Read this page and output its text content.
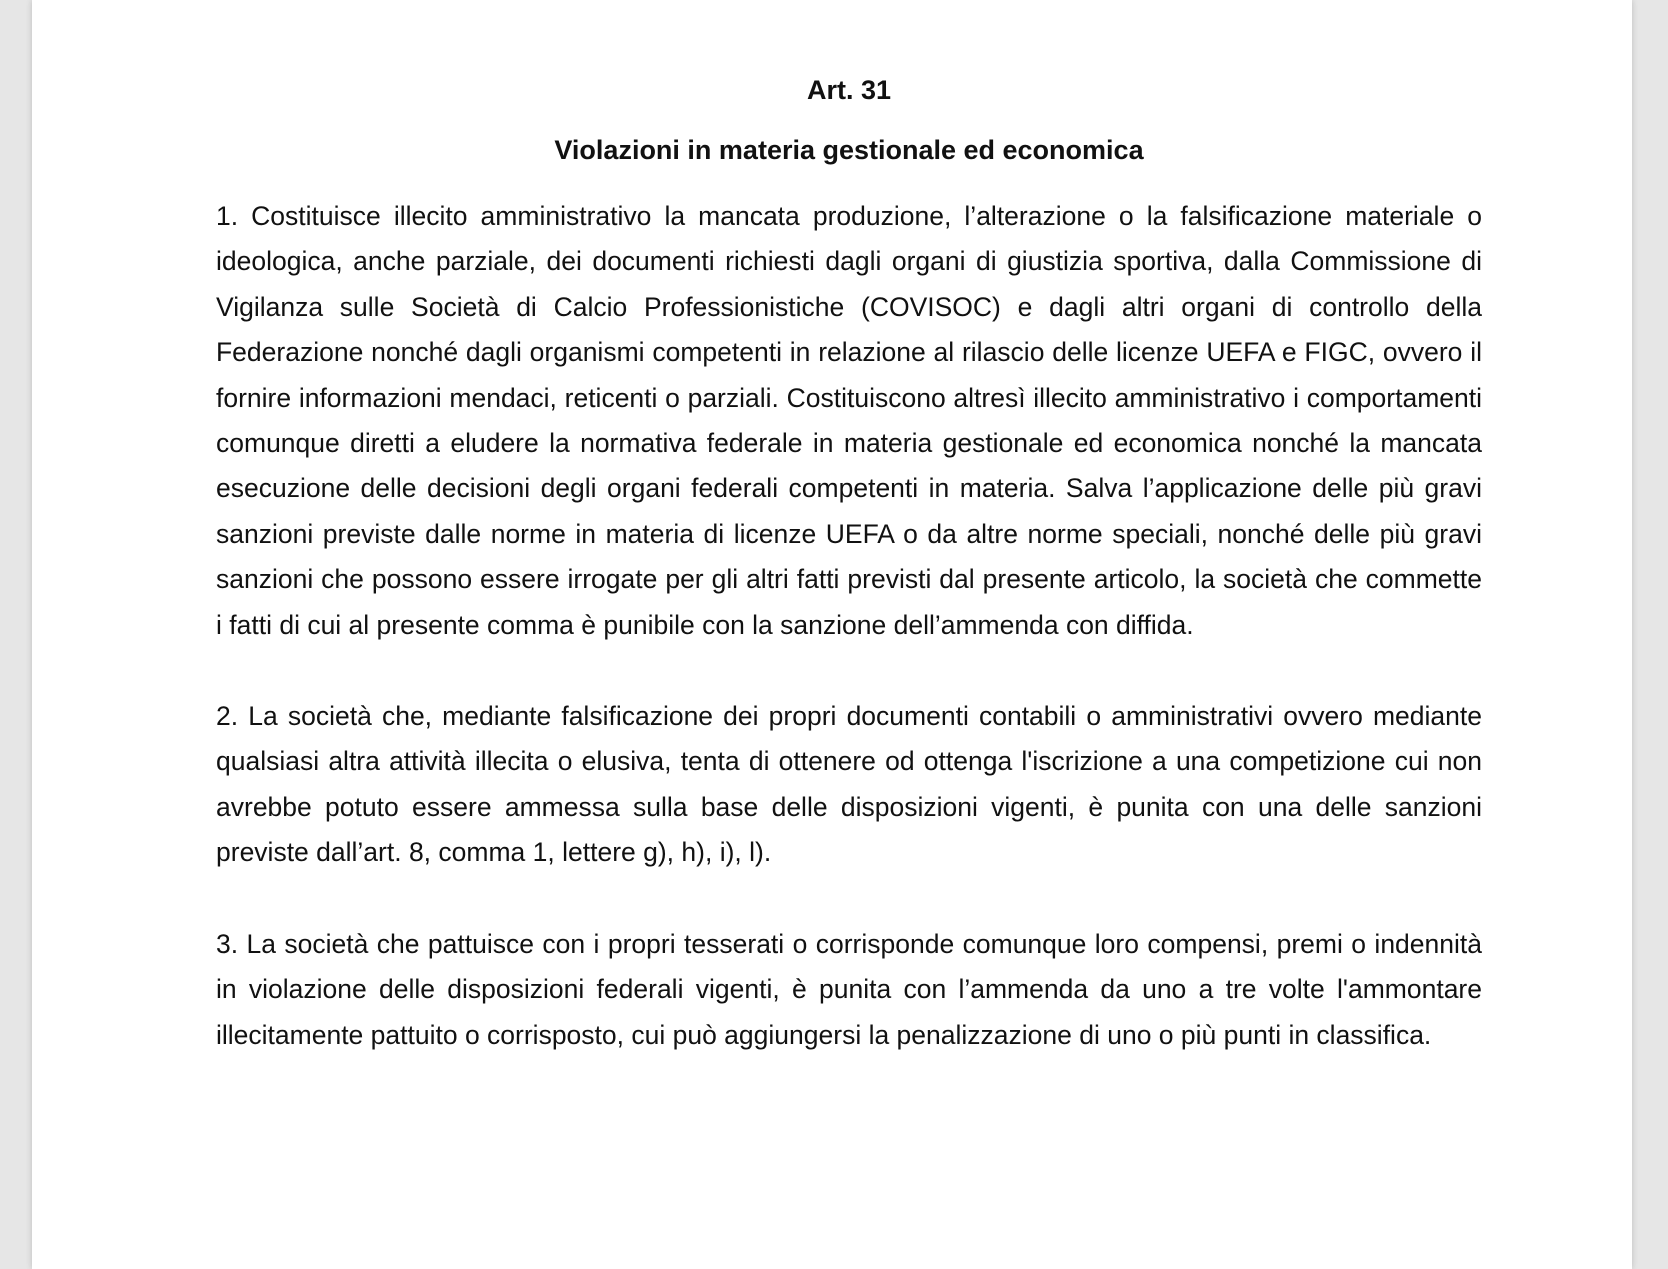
Art. 31
Violazioni in materia gestionale ed economica

1. Costituisce illecito amministrativo la mancata produzione, l’alterazione o la falsificazione materiale o ideologica, anche parziale, dei documenti richiesti dagli organi di giustizia sportiva, dalla Commissione di Vigilanza sulle Società di Calcio Professionistiche (COVISOC) e dagli altri organi di controllo della Federazione nonché dagli organismi competenti in relazione al rilascio delle licenze UEFA e FIGC, ovvero il fornire informazioni mendaci, reticenti o parziali. Costituiscono altresì illecito amministrativo i comportamenti comunque diretti a eludere la normativa federale in materia gestionale ed economica nonché la mancata esecuzione delle decisioni degli organi federali competenti in materia. Salva l’applicazione delle più gravi sanzioni previste dalle norme in materia di licenze UEFA o da altre norme speciali, nonché delle più gravi sanzioni che possono essere irrogate per gli altri fatti previsti dal presente articolo, la società che commette i fatti di cui al presente comma è punibile con la sanzione dell’ammenda con diffida.

2. La società che, mediante falsificazione dei propri documenti contabili o amministrativi ovvero mediante qualsiasi altra attività illecita o elusiva, tenta di ottenere od ottenga l'iscrizione a una competizione cui non avrebbe potuto essere ammessa sulla base delle disposizioni vigenti, è punita con una delle sanzioni previste dall’art. 8, comma 1, lettere g), h), i), l).

3. La società che pattuisce con i propri tesserati o corrisponde comunque loro compensi, premi o indennità in violazione delle disposizioni federali vigenti, è punita con l’ammenda da uno a tre volte l'ammontare illecitamente pattuito o corrisposto, cui può aggiungersi la penalizzazione di uno o più punti in classifica.
